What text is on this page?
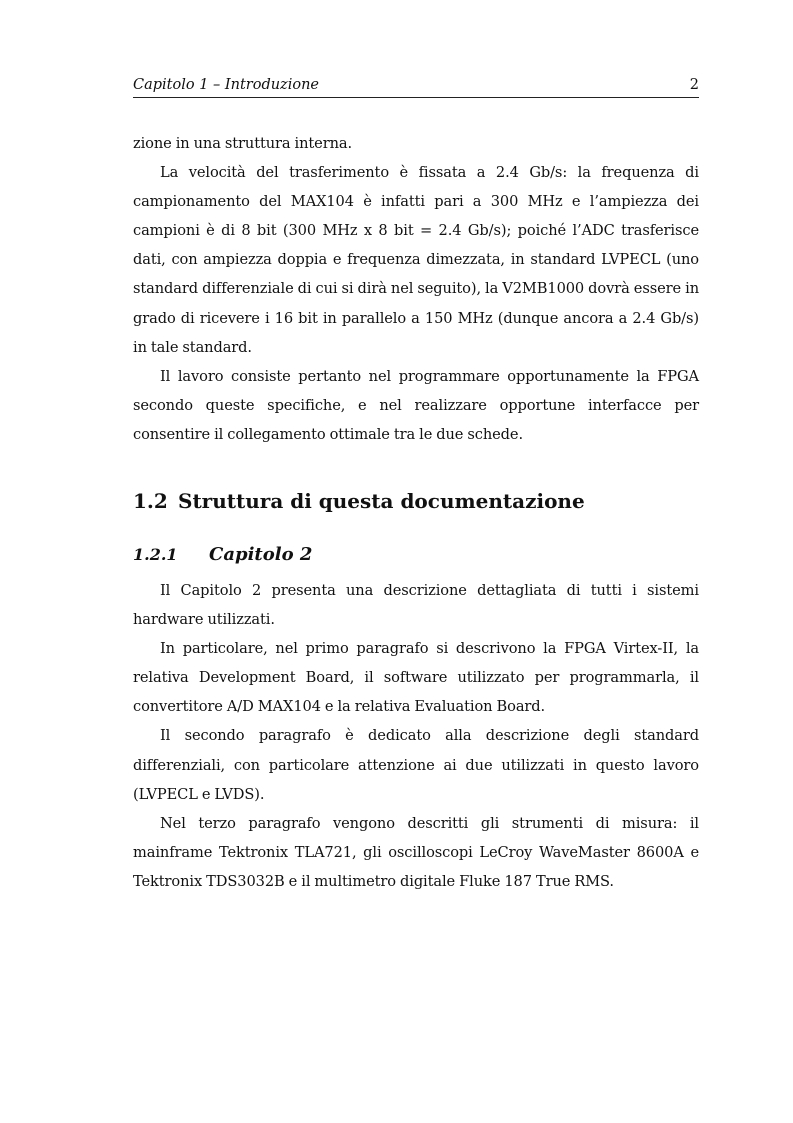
Capitolo 1 – Introduzione	2

zione in una struttura interna.

La velocità del trasferimento è fissata a 2.4 Gb/s: la frequenza di campionamento del MAX104 è infatti pari a 300 MHz e l’ampiezza dei campioni è di 8 bit (300 MHz x 8 bit = 2.4 Gb/s); poiché l’ADC trasferisce dati, con ampiezza doppia e frequenza dimezzata, in standard LVPECL (uno standard differenziale di cui si dirà nel seguito), la V2MB1000 dovrà essere in grado di ricevere i 16 bit in parallelo a 150 MHz (dunque ancora a 2.4 Gb/s) in tale standard.

Il lavoro consiste pertanto nel programmare opportunamente la FPGA secondo queste specifiche, e nel realizzare opportune interfacce per consentire il collegamento ottimale tra le due schede.

1.2 Struttura di questa documentazione
1.2.1 Capitolo 2

Il Capitolo 2 presenta una descrizione dettagliata di tutti i sistemi hardware utilizzati.

In particolare, nel primo paragrafo si descrivono la FPGA Virtex-II, la relativa Development Board, il software utilizzato per programmarla, il convertitore A/D MAX104 e la relativa Evaluation Board.

Il secondo paragrafo è dedicato alla descrizione degli standard differenziali, con particolare attenzione ai due utilizzati in questo lavoro (LVPECL e LVDS).

Nel terzo paragrafo vengono descritti gli strumenti di misura: il mainframe Tektronix TLA721, gli oscilloscopi LeCroy WaveMaster 8600A e Tektronix TDS3032B e il multimetro digitale Fluke 187 True RMS.
